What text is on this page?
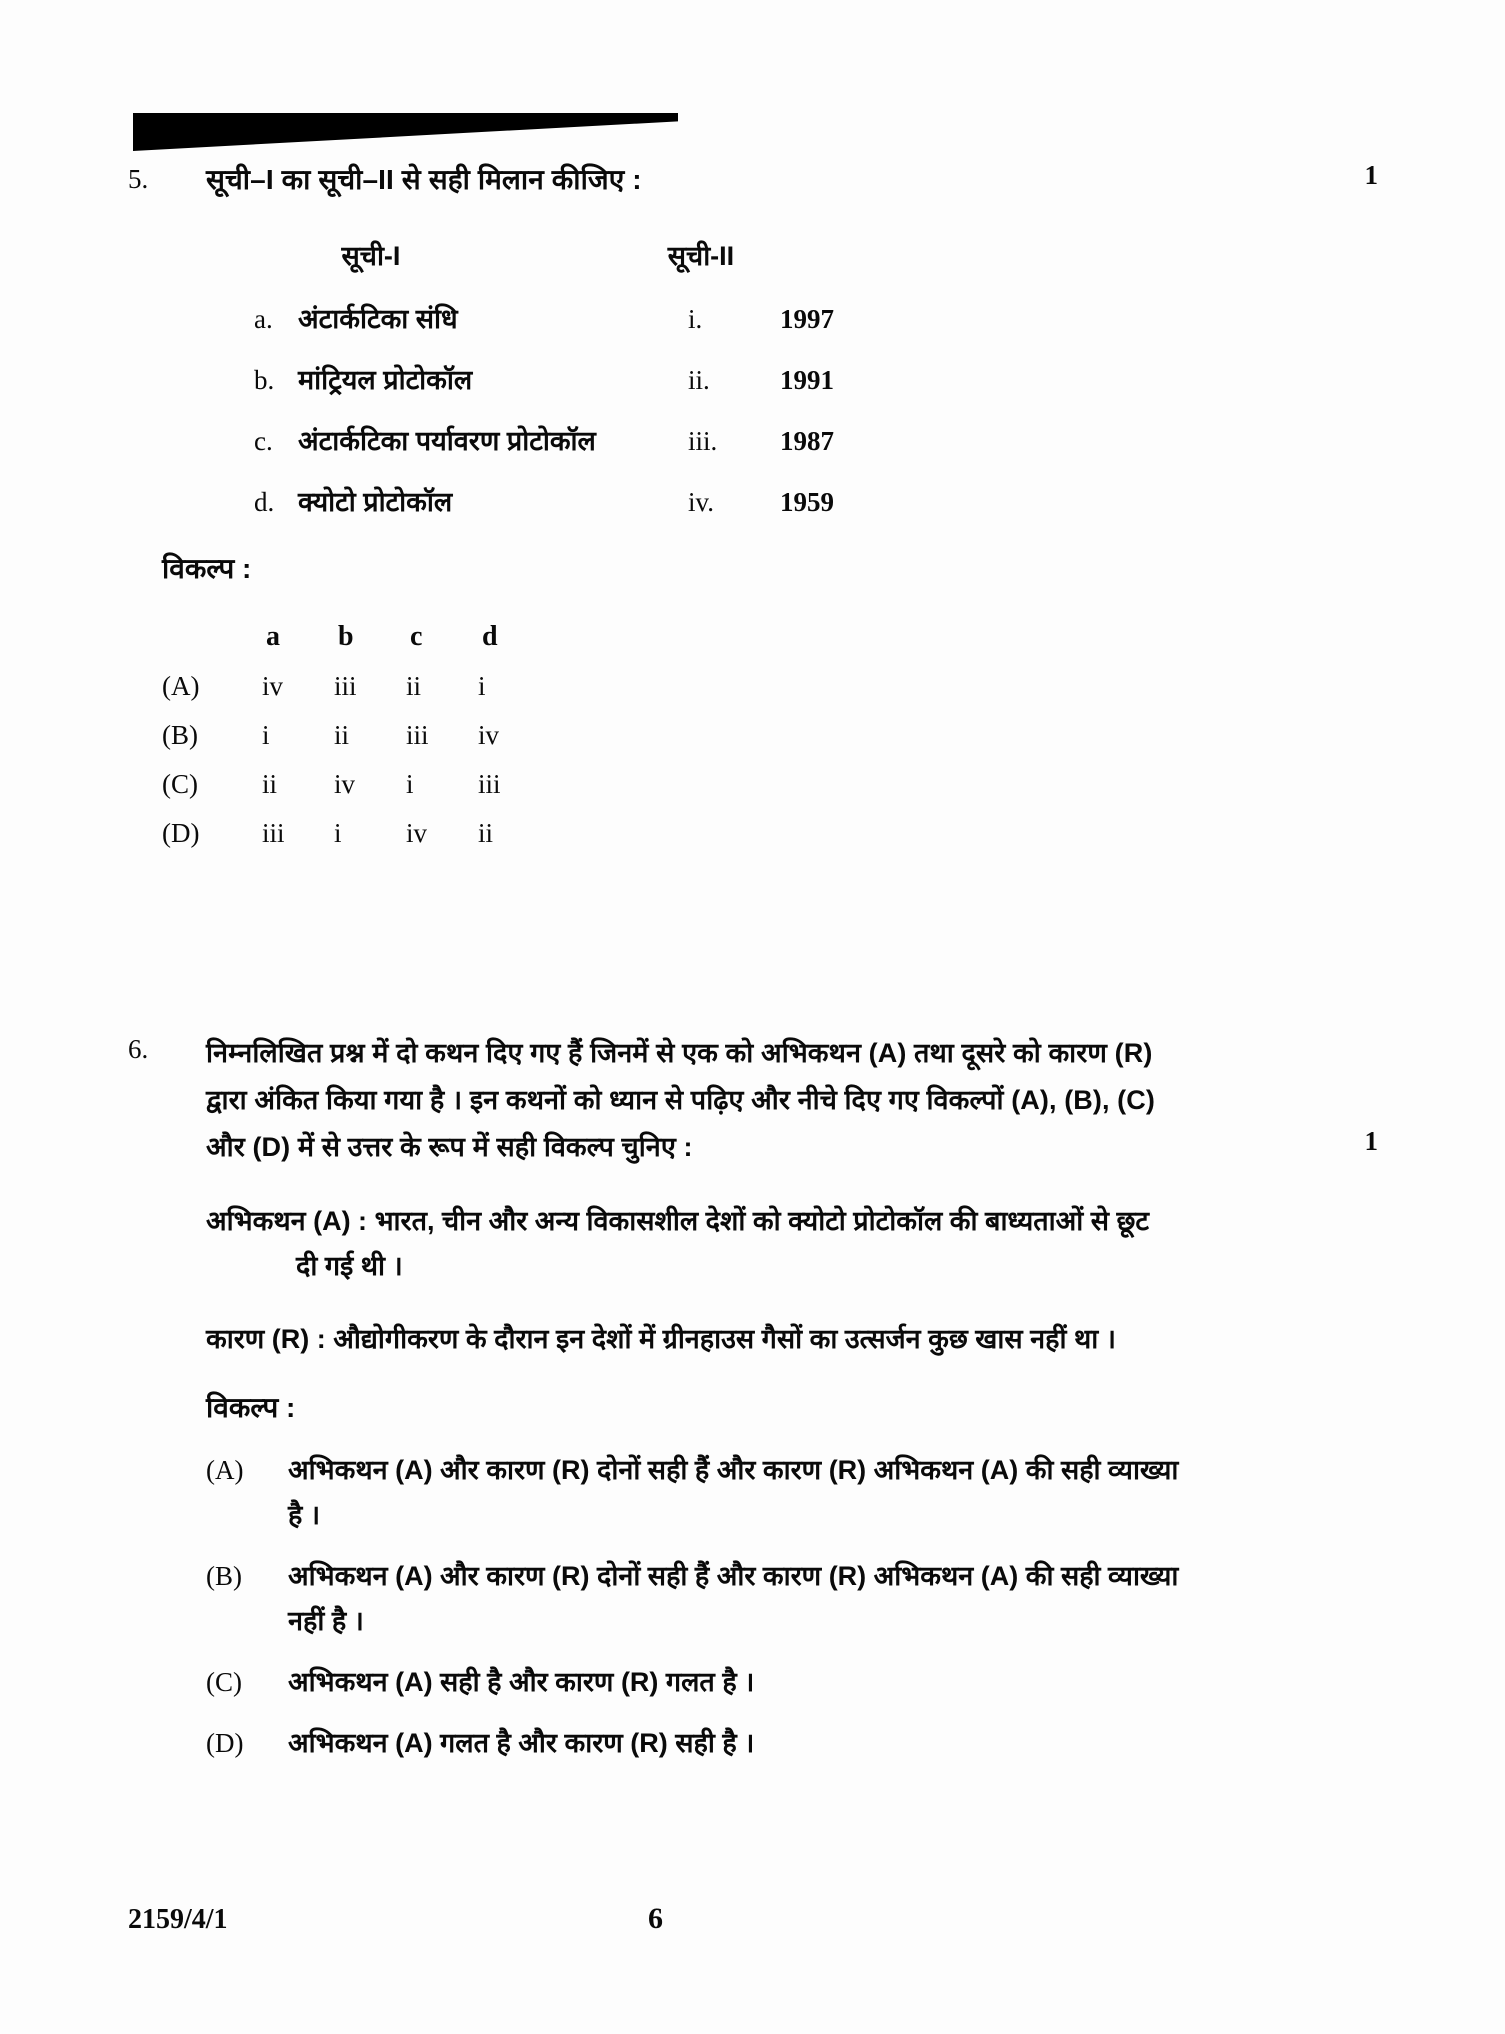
5.	सूची–I का सूची–II से सही मिलान कीजिए :	1
सूची-I	सूची-II
a. अंटार्कटिका संधि	i.	1997
b. मांट्रियल प्रोटोकॉल	ii.	1991
c. अंटार्कटिका पर्यावरण प्रोटोकॉल	iii.	1987
d. क्योटो प्रोटोकॉल	iv.	1959
विकल्प :
a	b	c	d
(A)	iv	iii	ii	i
(B)	i	ii	iii	iv
(C)	ii	iv	i	iii
(D)	iii	i	iv	ii
6.	निम्नलिखित प्रश्न में दो कथन दिए गए हैं जिनमें से एक को अभिकथन (A) तथा दूसरे को कारण (R)
द्वारा अंकित किया गया है । इन कथनों को ध्यान से पढ़िए और नीचे दिए गए विकल्पों (A), (B), (C)
और (D) में से उत्तर के रूप में सही विकल्प चुनिए :	1
अभिकथन (A) : भारत, चीन और अन्य विकासशील देशों को क्योटो प्रोटोकॉल की बाध्यताओं से छूट
दी गई थी ।
कारण (R) : औद्योगीकरण के दौरान इन देशों में ग्रीनहाउस गैसों का उत्सर्जन कुछ खास नहीं था ।
विकल्प :
(A)	अभिकथन (A) और कारण (R) दोनों सही हैं और कारण (R) अभिकथन (A) की सही व्याख्या
है ।
(B)	अभिकथन (A) और कारण (R) दोनों सही हैं और कारण (R) अभिकथन (A) की सही व्याख्या
नहीं है ।
(C)	अभिकथन (A) सही है और कारण (R) गलत है ।
(D)	अभिकथन (A) गलत है और कारण (R) सही है ।
2159/4/1	6
